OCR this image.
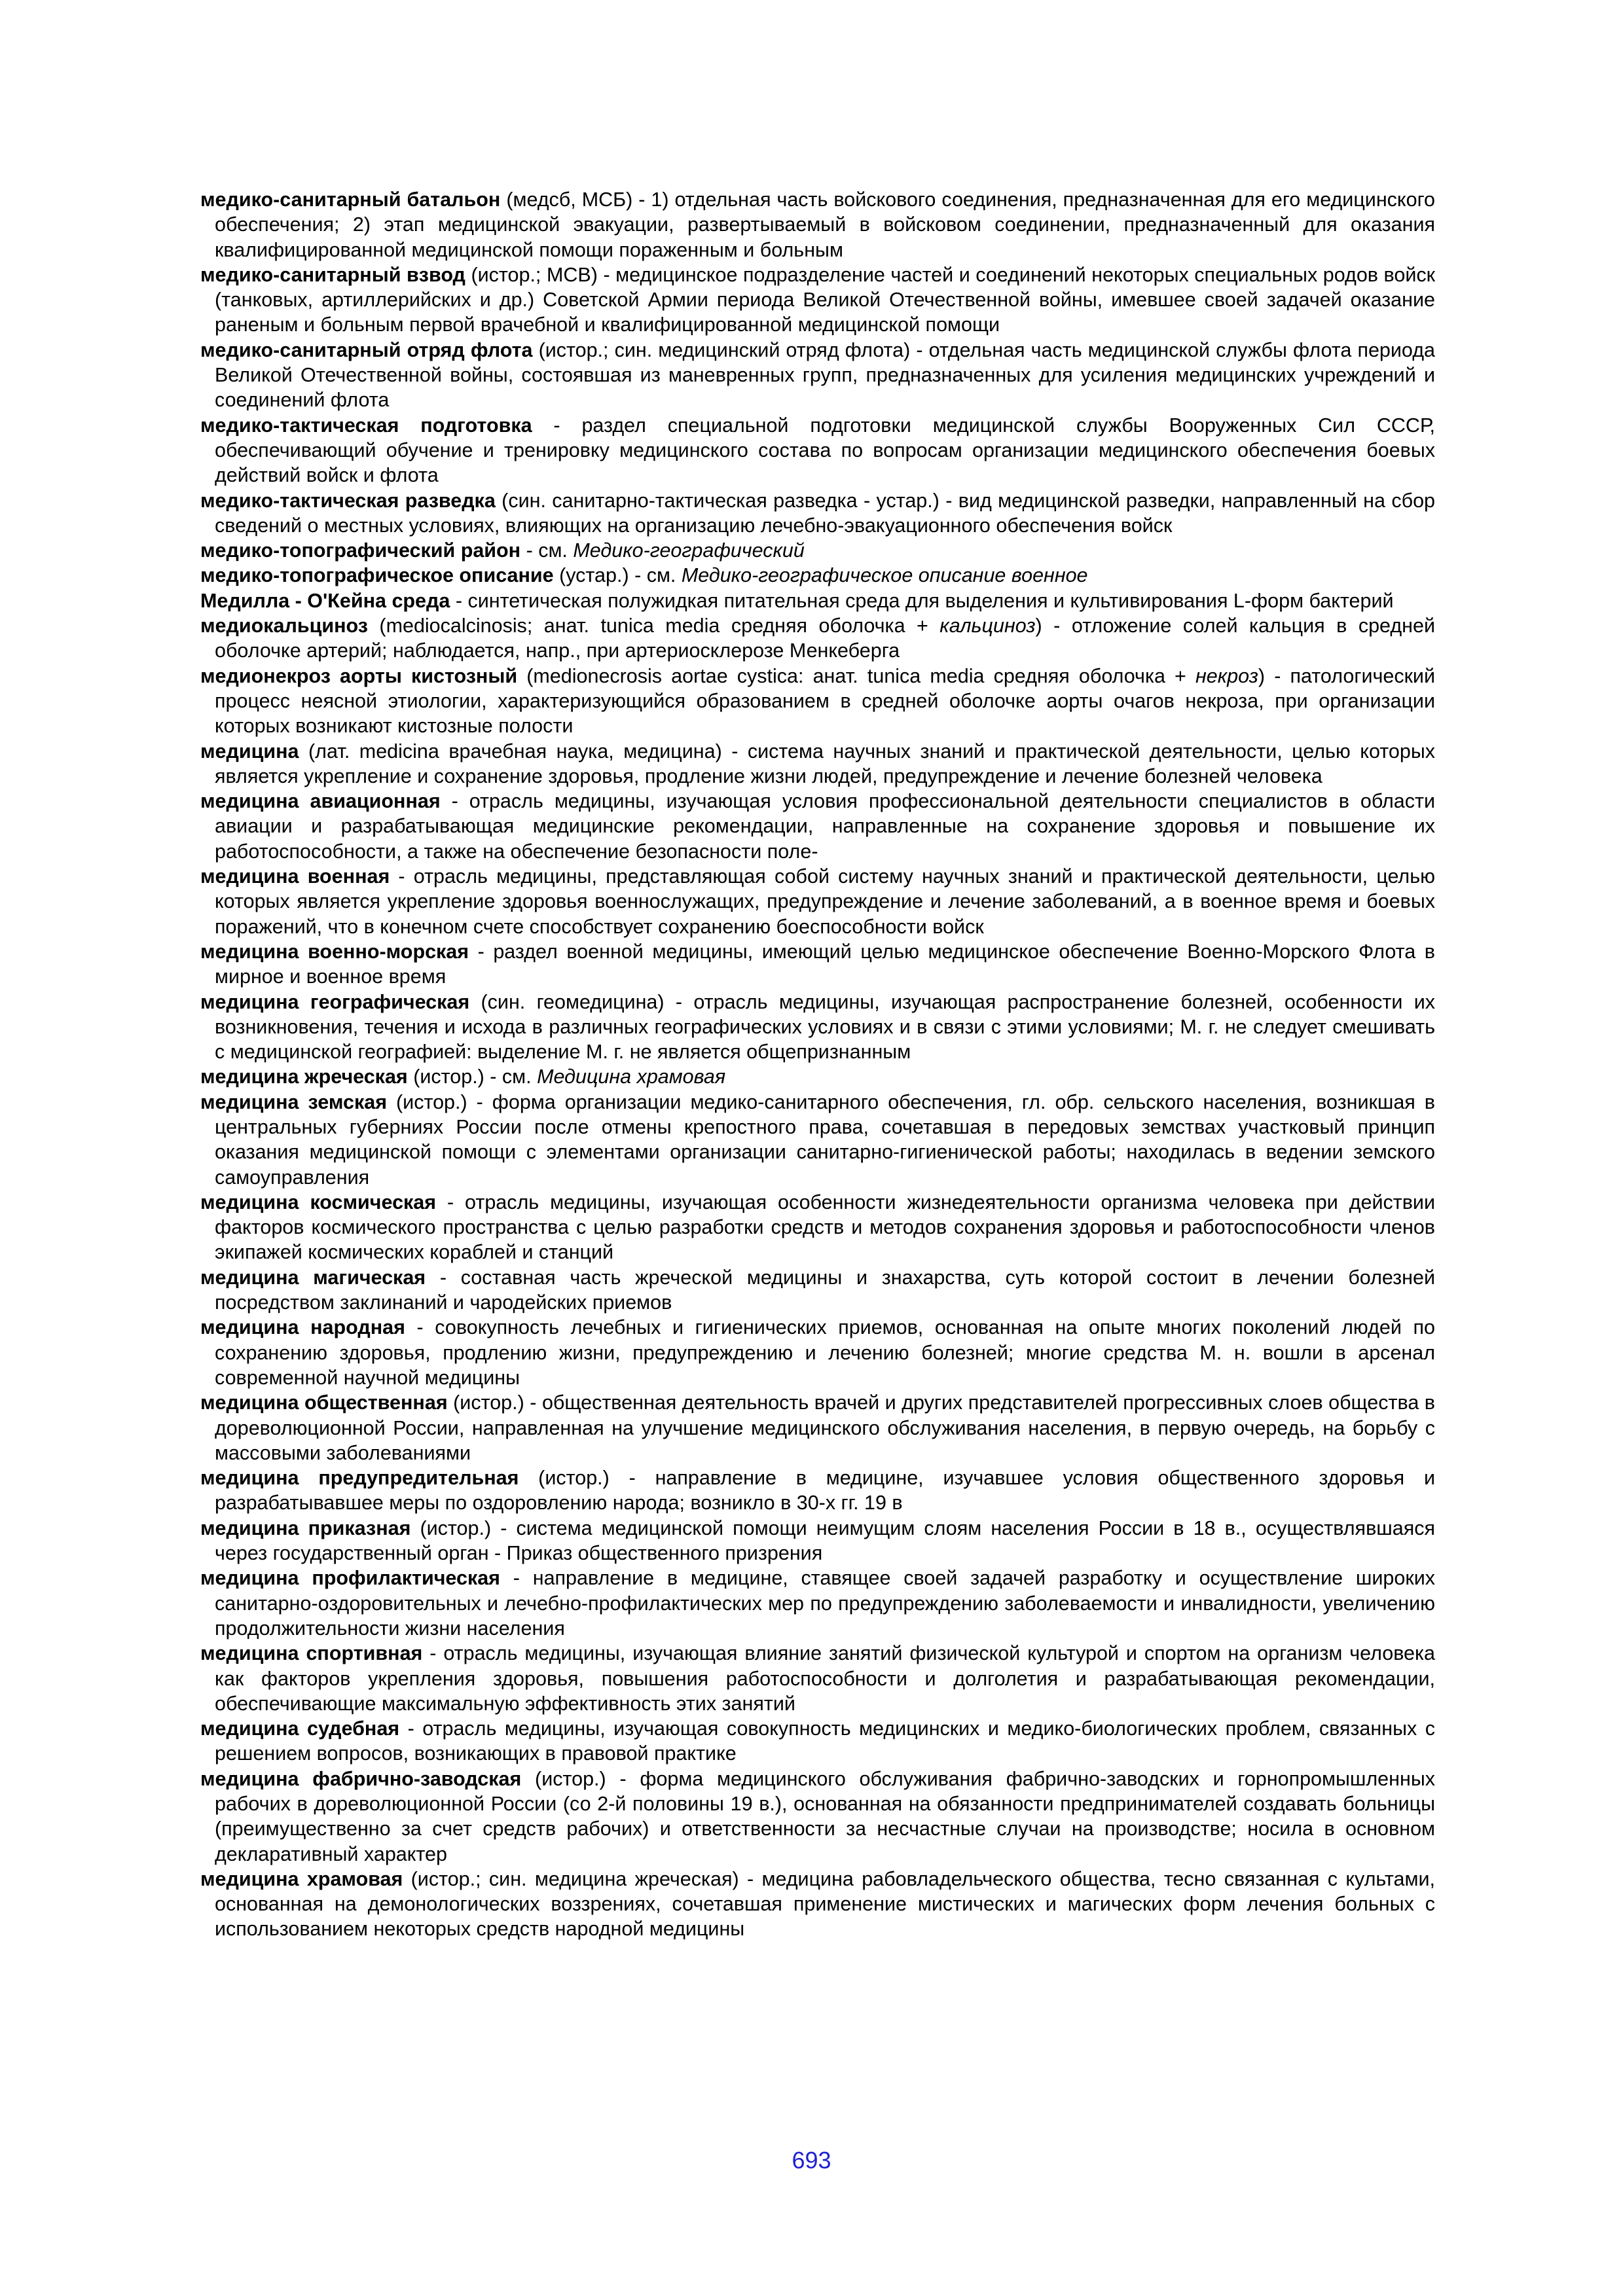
медико-санитарный батальон (медсб, МСБ) - 1) отдельная часть войскового соединения, предназначенная для его медицинского обеспечения; 2) этап медицинской эвакуации, развертываемый в войсковом соединении, предназначенный для оказания квалифицированной медицинской помощи пораженным и больным

медико-санитарный взвод (истор.; МСВ) - медицинское подразделение частей и соединений некоторых специальных родов войск (танковых, артиллерийских и др.) Советской Армии периода Великой Отечественной войны, имевшее своей задачей оказание раненым и больным первой врачебной и квалифицированной медицинской помощи

медико-санитарный отряд флота (истор.; син. медицинский отряд флота) - отдельная часть медицинской службы флота периода Великой Отечественной войны, состоявшая из маневренных групп, предназначенных для усиления медицинских учреждений и соединений флота

медико-тактическая подготовка - раздел специальной подготовки медицинской службы Вооруженных Сил СССР, обеспечивающий обучение и тренировку медицинского состава по вопросам организации медицинского обеспечения боевых действий войск и флота

медико-тактическая разведка (син. санитарно-тактическая разведка - устар.) - вид медицинской разведки, направленный на сбор сведений о местных условиях, влияющих на организацию лечебно-эвакуационного обеспечения войск

медико-топографический район - см. Медико-географический

медико-топографическое описание (устар.) - см. Медико-географическое описание военное

Медилла - О'Кейна среда - синтетическая полужидкая питательная среда для выделения и культивирования L-форм бактерий

медиокальциноз (mediocalcinosis; анат. tunica media средняя оболочка + кальциноз) - отложение солей кальция в средней оболочке артерий; наблюдается, напр., при артериосклерозе Менкеберга

медионекроз аорты кистозный (medionecrosis aortae cystica: анат. tunica media средняя оболочка + некроз) - патологический процесс неясной этиологии, характеризующийся образованием в средней оболочке аорты очагов некроза, при организации которых возникают кистозные полости

медицина (лат. medicina врачебная наука, медицина) - система научных знаний и практической деятельности, целью которых является укрепление и сохранение здоровья, продление жизни людей, предупреждение и лечение болезней человека

медицина авиационная - отрасль медицины, изучающая условия профессиональной деятельности специалистов в области авиации и разрабатывающая медицинские рекомендации, направленные на сохранение здоровья и повышение их работоспособности, а также на обеспечение безопасности поле-

медицина военная - отрасль медицины, представляющая собой систему научных знаний и практической деятельности, целью которых является укрепление здоровья военнослужащих, предупреждение и лечение заболеваний, а в военное время и боевых поражений, что в конечном счете способствует сохранению боеспособности войск

медицина военно-морская - раздел военной медицины, имеющий целью медицинское обеспечение Военно-Морского Флота в мирное и военное время

медицина географическая (син. геомедицина) - отрасль медицины, изучающая распространение болезней, особенности их возникновения, течения и исхода в различных географических условиях и в связи с этими условиями; М. г. не следует смешивать с медицинской географией: выделение М. г. не является общепризнанным

медицина жреческая (истор.) - см. Медицина храмовая

медицина земская (истор.) - форма организации медико-санитарного обеспечения, гл. обр. сельского населения, возникшая в центральных губерниях России после отмены крепостного права, сочетавшая в передовых земствах участковый принцип оказания медицинской помощи с элементами организации санитарно-гигиенической работы; находилась в ведении земского самоуправления

медицина космическая - отрасль медицины, изучающая особенности жизнедеятельности организма человека при действии факторов космического пространства с целью разработки средств и методов сохранения здоровья и работоспособности членов экипажей космических кораблей и станций

медицина магическая - составная часть жреческой медицины и знахарства, суть которой состоит в лечении болезней посредством заклинаний и чародейских приемов

медицина народная - совокупность лечебных и гигиенических приемов, основанная на опыте многих поколений людей по сохранению здоровья, продлению жизни, предупреждению и лечению болезней; многие средства М. н. вошли в арсенал современной научной медицины

медицина общественная (истор.) - общественная деятельность врачей и других представителей прогрессивных слоев общества в дореволюционной России, направленная на улучшение медицинского обслуживания населения, в первую очередь, на борьбу с массовыми заболеваниями

медицина предупредительная (истор.) - направление в медицине, изучавшее условия общественного здоровья и разрабатывавшее меры по оздоровлению народа; возникло в 30-х гг. 19 в

медицина приказная (истор.) - система медицинской помощи неимущим слоям населения России в 18 в., осуществлявшаяся через государственный орган - Приказ общественного призрения

медицина профилактическая - направление в медицине, ставящее своей задачей разработку и осуществление широких санитарно-оздоровительных и лечебно-профилактических мер по предупреждению заболеваемости и инвалидности, увеличению продолжительности жизни населения

медицина спортивная - отрасль медицины, изучающая влияние занятий физической культурой и спортом на организм человека как факторов укрепления здоровья, повышения работоспособности и долголетия и разрабатывающая рекомендации, обеспечивающие максимальную эффективность этих занятий

медицина судебная - отрасль медицины, изучающая совокупность медицинских и медико-биологических проблем, связанных с решением вопросов, возникающих в правовой практике

медицина фабрично-заводская (истор.) - форма медицинского обслуживания фабрично-заводских и горнопромышленных рабочих в дореволюционной России (со 2-й половины 19 в.), основанная на обязанности предпринимателей создавать больницы (преимущественно за счет средств рабочих) и ответственности за несчастные случаи на производстве; носила в основном декларативный характер

медицина храмовая (истор.; син. медицина жреческая) - медицина рабовладельческого общества, тесно связанная с культами, основанная на демонологических воззрениях, сочетавшая применение мистических и магических форм лечения больных с использованием некоторых средств народной медицины

693
